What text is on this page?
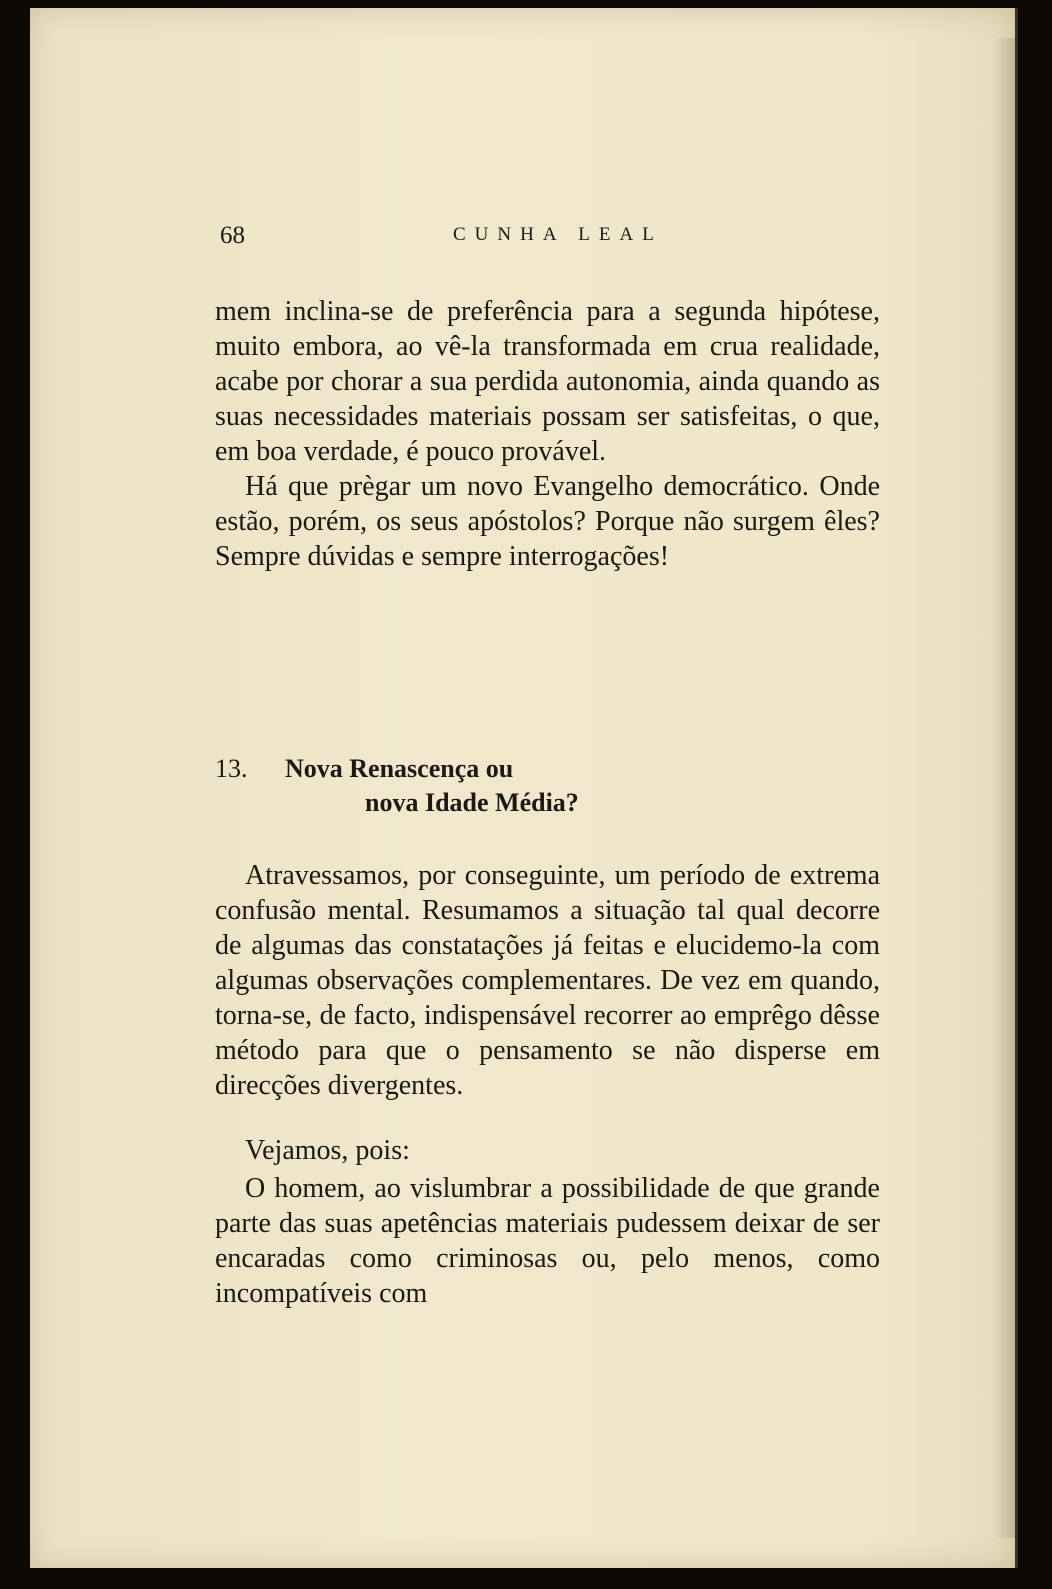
68	CUNHA LEAL
mem inclina-se de preferência para a segunda hipótese, muito embora, ao vê-la transformada em crua realidade, acabe por chorar a sua perdida autonomia, ainda quando as suas necessidades materiais possam ser satisfeitas, o que, em boa verdade, é pouco provável.
Há que prègar um novo Evangelho democrático. Onde estão, porém, os seus apóstolos? Porque não surgem êles? Sempre dúvidas e sempre interrogações!
13. Nova Renascença ou
nova Idade Média?
Atravessamos, por conseguinte, um período de extrema confusão mental. Resumamos a situação tal qual decorre de algumas das constatações já feitas e elucidemo-la com algumas observações complementares. De vez em quando, torna-se, de facto, indispensável recorrer ao emprêgo dêsse método para que o pensamento se não disperse em direcções divergentes.
Vejamos, pois:
O homem, ao vislumbrar a possibilidade de que grande parte das suas apetências materiais pudessem deixar de ser encaradas como criminosas ou, pelo menos, como incompatíveis com
